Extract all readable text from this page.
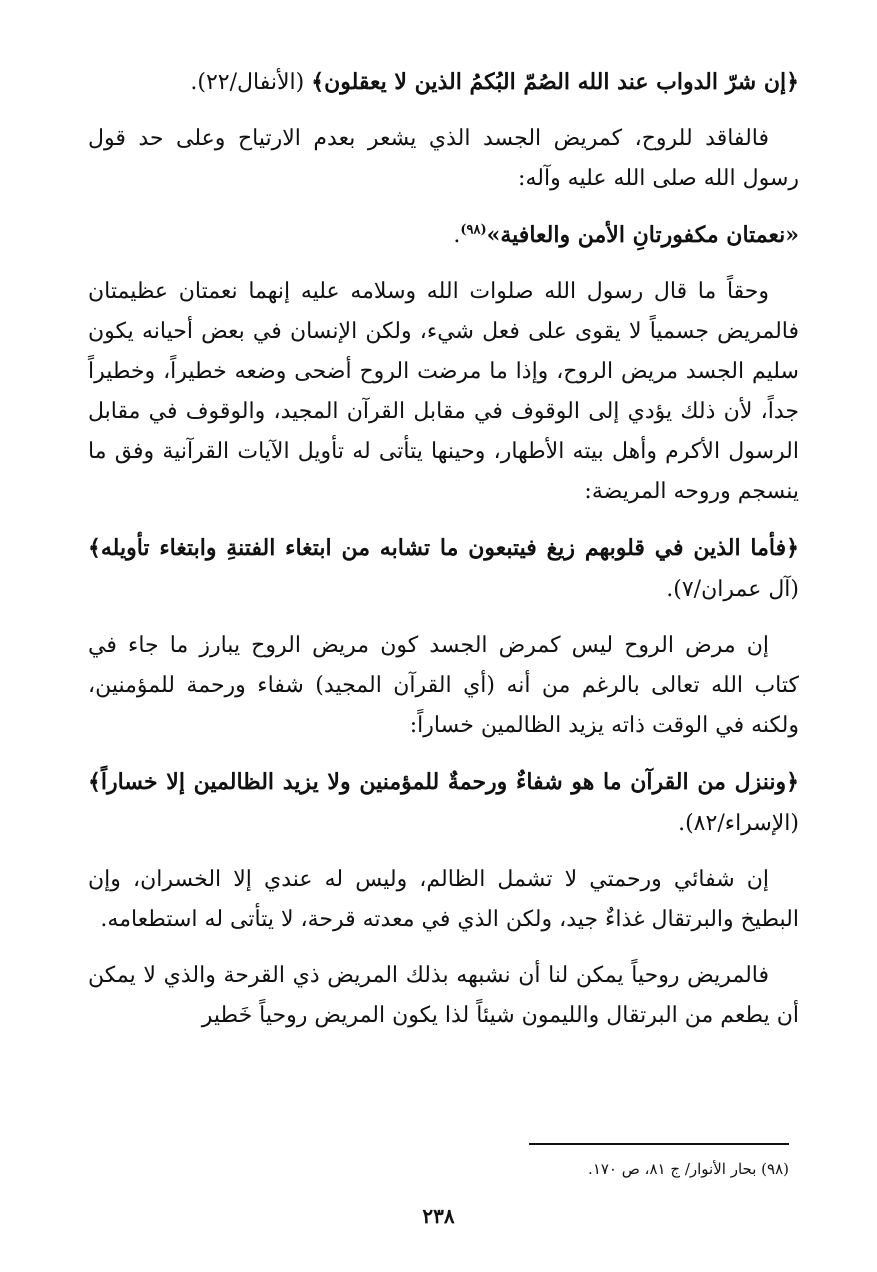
﴿إن شرّ الدواب عند الله الصُمّ البُكمُ الذين لا يعقلون﴾ (الأنفال/٢٢).

فالفاقد للروح، كمريض الجسد الذي يشعر بعدم الارتياح وعلى حد قول رسول الله صلى الله عليه وآله:

«نعمتان مكفورتانِ الأمن والعافية»$^{(٩٨)}$.

وحقاً ما قال رسول الله صلوات الله وسلامه عليه إنهما نعمتان عظيمتان فالمريض جسمياً لا يقوى على فعل شيء، ولكن الإنسان في بعض أحيانه يكون سليم الجسد مريض الروح، وإذا ما مرضت الروح أضحى وضعه خطيراً، وخطيراً جداً، لأن ذلك يؤدي إلى الوقوف في مقابل القرآن المجيد، والوقوف في مقابل الرسول الأكرم وأهل بيته الأطهار، وحينها يتأتى له تأويل الآيات القرآنية وفق ما ينسجم وروحه المريضة:

﴿فأما الذين في قلوبهم زيغ فيتبعون ما تشابه من ابتغاء الفتنةِ وابتغاء تأويله﴾ (آل عمران/٧).

إن مرض الروح ليس كمرض الجسد كون مريض الروح يبارز ما جاء في كتاب الله تعالى بالرغم من أنه (أي القرآن المجيد) شفاء ورحمة للمؤمنين، ولكنه في الوقت ذاته يزيد الظالمين خساراً:

﴿وننزل من القرآن ما هو شفاءٌ ورحمةٌ للمؤمنين ولا يزيد الظالمين إلا خساراً﴾ (الإسراء/٨٢).

إن شفائي ورحمتي لا تشمل الظالم، وليس له عندي إلا الخسران، وإن البطيخ والبرتقال غذاءٌ جيد، ولكن الذي في معدته قرحة، لا يتأتى له استطعامه.

فالمريض روحياً يمكن لنا أن نشبهه بذلك المريض ذي القرحة والذي لا يمكن أن يطعم من البرتقال والليمون شيئاً لذا يكون المريض روحياً خَطير

(٩٨) بحار الأنوار/ ج ٨١، ص ١٧٠.
٢٣٨
